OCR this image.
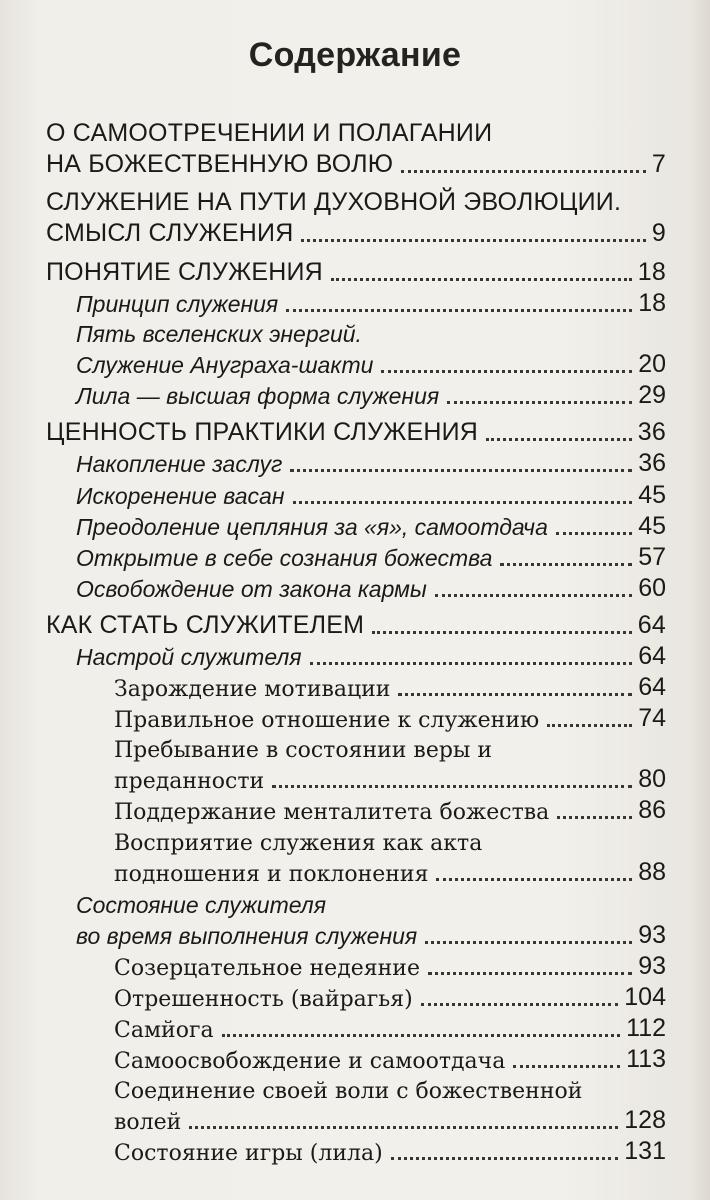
Содержание
О САМООТРЕЧЕНИИ И ПОЛАГАНИИ
НА БОЖЕСТВЕННУЮ ВОЛЮ	7
СЛУЖЕНИЕ НА ПУТИ ДУХОВНОЙ ЭВОЛЮЦИИ.
СМЫСЛ СЛУЖЕНИЯ	9
ПОНЯТИЕ СЛУЖЕНИЯ	18
Принцип служения	18
Пять вселенских энергий.
Служение Ануграха-шакти	20
Лила — высшая форма служения	29
ЦЕННОСТЬ ПРАКТИКИ СЛУЖЕНИЯ	36
Накопление заслуг	36
Искоренение васан	45
Преодоление цепляния за «я», самоотдача	45
Открытие в себе сознания божества	57
Освобождение от закона кармы	60
КАК СТАТЬ СЛУЖИТЕЛЕМ	64
Настрой служителя	64
Зарождение мотивации	64
Правильное отношение к служению	74
Пребывание в состоянии веры и
преданности	80
Поддержание менталитета божества	86
Восприятие служения как акта
подношения и поклонения	88
Состояние служителя
во время выполнения служения	93
Созерцательное недеяние	93
Отрешенность (вайрагья)	104
Самйога	112
Самоосвобождение и самоотдача	113
Соединение своей воли с божественной
волей	128
Состояние игры (лила)	131
